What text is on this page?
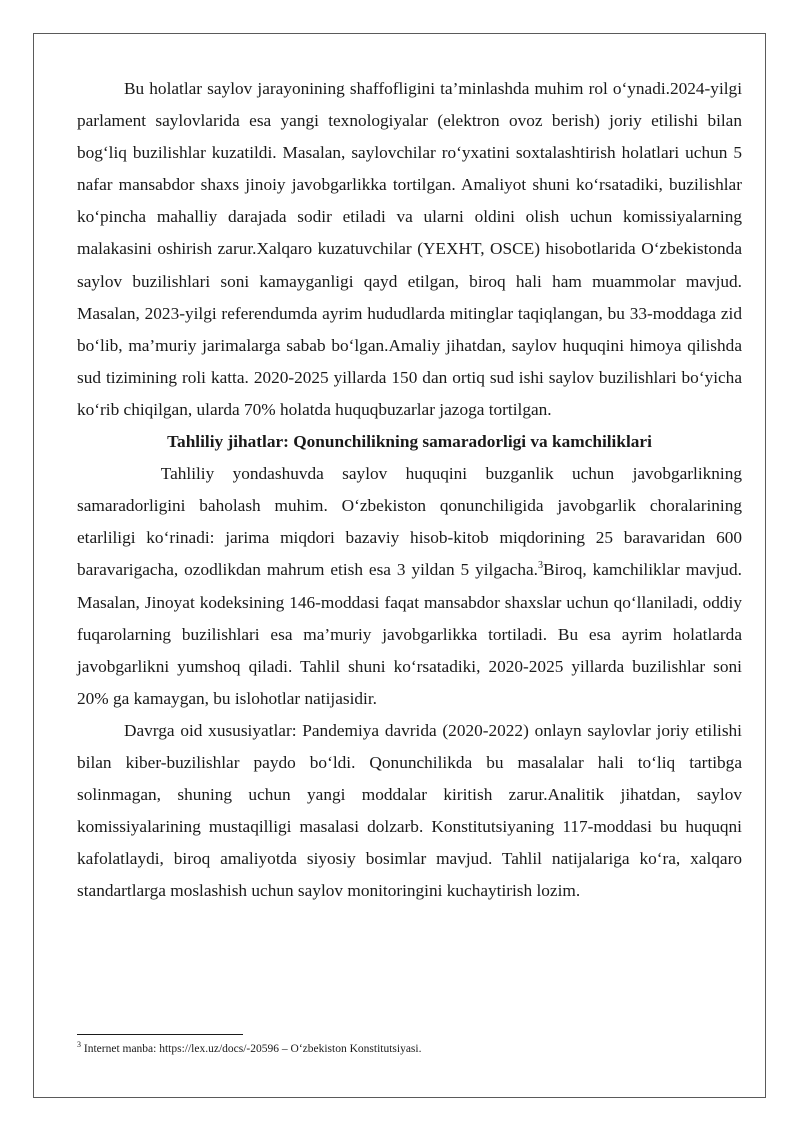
Bu holatlar saylov jarayonining shaffofligini ta’minlashda muhim rol o‘ynadi.2024-yilgi parlament saylovlarida esa yangi texnologiyalar (elektron ovoz berish) joriy etilishi bilan bog‘liq buzilishlar kuzatildi. Masalan, saylovchilar ro‘yxatini soxtalashtirish holatlari uchun 5 nafar mansabdor shaxs jinoiy javobgarlikka tortilgan. Amaliyot shuni ko‘rsatadiki, buzilishlar ko‘pincha mahalliy darajada sodir etiladi va ularni oldini olish uchun komissiyalarning malakasini oshirish zarur.Xalqaro kuzatuvchilar (YEXHT, OSCE) hisobotlarida O‘zbekistonda saylov buzilishlari soni kamayganligi qayd etilgan, biroq hali ham muammolar mavjud. Masalan, 2023-yilgi referendumda ayrim hududlarda mitinglar taqiqlangan, bu 33-moddaga zid bo‘lib, ma’muriy jarimalarga sabab bo‘lgan.Amaliy jihatdan, saylov huquqini himoya qilishda sud tizimining roli katta. 2020-2025 yillarda 150 dan ortiq sud ishi saylov buzilishlari bo‘yicha ko‘rib chiqilgan, ularda 70% holatda huquqbuzarlar jazoga tortilgan.

Tahliliy jihatlar: Qonunchilikning samaradorligi va kamchiliklari

Tahliliy yondashuvda saylov huquqini buzganlik uchun javobgarlikning samaradorligini baholash muhim. O‘zbekiston qonunchiligida javobgarlik choralarining etarliligi ko‘rinadi: jarima miqdori bazaviy hisob-kitob miqdorining 25 baravaridan 600 baravarigacha, ozodlikdan mahrum etish esa 3 yildan 5 yilgacha.$^3$Biroq, kamchiliklar mavjud. Masalan, Jinoyat kodeksining 146-moddasi faqat mansabdor shaxslar uchun qo‘llaniladi, oddiy fuqarolarning buzilishlari esa ma’muriy javobgarlikka tortiladi. Bu esa ayrim holatlarda javobgarlikni yumshoq qiladi. Tahlil shuni ko‘rsatadiki, 2020-2025 yillarda buzilishlar soni 20% ga kamaygan, bu islohotlar natijasidir.

Davrga oid xususiyatlar: Pandemiya davrida (2020-2022) onlayn saylovlar joriy etilishi bilan kiber-buzilishlar paydo bo‘ldi. Qonunchilikda bu masalalar hali to‘liq tartibga solinmagan, shuning uchun yangi moddalar kiritish zarur.Analitik jihatdan, saylov komissiyalarining mustaqilligi masalasi dolzarb. Konstitutsiyaning 117-moddasi bu huquqni kafolatlaydi, biroq amaliyotda siyosiy bosimlar mavjud. Tahlil natijalariga ko‘ra, xalqaro standartlarga moslashish uchun saylov monitoringini kuchaytirish lozim.

$^3$ Internet manba: https://lex.uz/docs/-20596 – O‘zbekiston Konstitutsiyasi.
